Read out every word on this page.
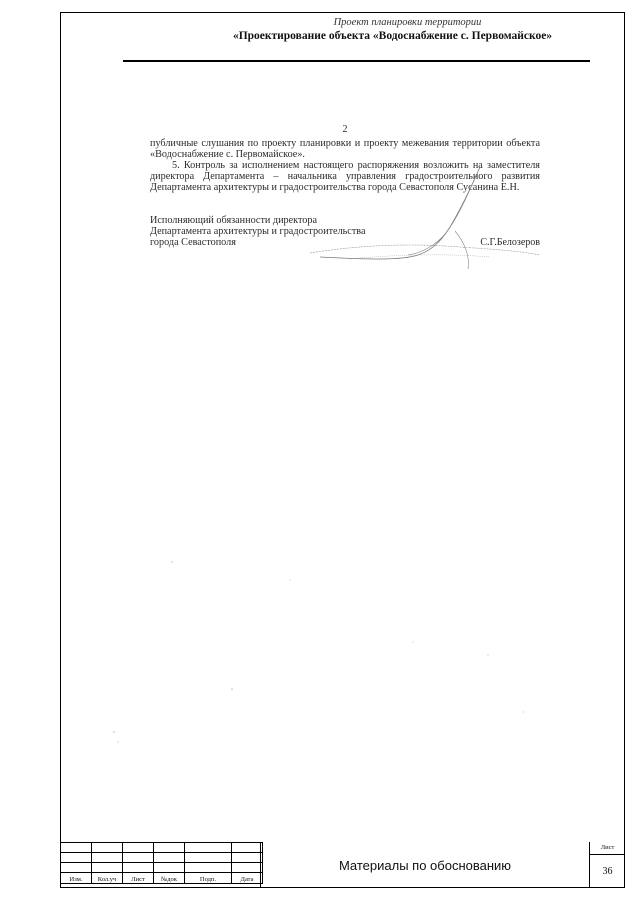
Проект планировки территории
«Проектирование объекта «Водоснабжение с. Первомайское»
2
публичные слушания по проекту планировки и проекту межевания территории объекта «Водоснабжение с. Первомайское».
5. Контроль за исполнением настоящего распоряжения возложить на заместителя директора Департамента – начальника управления градостроительного развития Департамента архитектуры и градостроительства города Севастополя Сусанина Е.Н.
Исполняющий обязанности директора
Департамента архитектуры и градостроительства
города Севастополя	С.Г.Белозеров

Изм.	Кол.уч	Лист	№док	Подп.	Дата
Материалы по обоснованию
Лист
36
